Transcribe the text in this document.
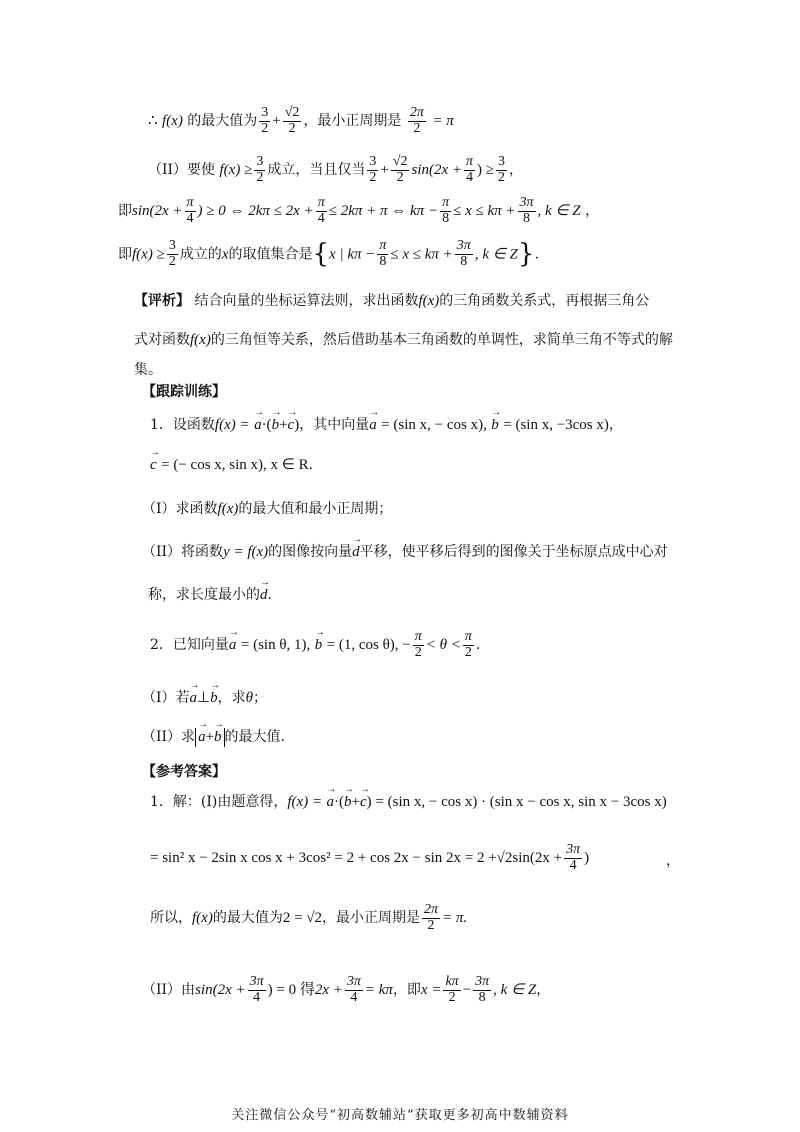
∴ f(x) 的最大值为 $\frac{3}{2} + \frac{√2}{2}$ ，最小正周期是 $\frac{2\pi}{2} = \pi$
（II）要使 $f(x) \ge \frac{3}{2}$ 成立，当且仅当 $\frac{3}{2} + \frac{√2}{2} \sin(2x + \frac{\pi}{4}$ ) ≥ $\frac{3}{2}$ ，
即$\sin(2x + \frac{\pi}{4}$ ) ≥ 0 ⇔ $2k\pi \le 2x + \frac{\pi}{4} \le 2k\pi + \pi$ ⇔ $k\pi - \frac{\pi}{8} \le x \le k\pi + \frac{3\pi}{8}$ , k ∈ Z ，
即$f(x) \ge \frac{3}{2}$ 成立的x的取值集合是{x | $k\pi - \frac{\pi}{8} \le x \le k\pi + \frac{3\pi}{8}$ , k ∈ Z}.
【评析】 结合向量的坐标运算法则，求出函数f(x)的三角函数关系式，再根据三角公
式对函数f(x)的三角恒等关系，然后借助基本三角函数的单调性，求简单三角不等式的解
集。
【跟踪训练】
1．设函数f(x) = → a·(→ b+→ c)，其中向量→ a = (sin x, − cos x), → b = (sin x, −3cos x)，
→ c = (− cos x, sin x), x ∈ R.
（I）求函数f(x)的最大值和最小正周期；
（II）将函数y = f(x)的图像按向量→ d平移，使平移后得到的图像关于坐标原点成中心对
称，求长度最小的→ d.
2．已知向量→ a = (sin θ, 1), → b = (1, cos θ), − $\frac{\pi}{2} < \theta < \frac{\pi}{2}$ .
（I）若→ a⊥→ b，求θ；
（II）求 → a+→ b 的最大值.
【参考答案】
1．解：(I)由题意得，f(x) = → a·(→ b+→ c) = (sin x, − cos x) · (sin x − cos x, sin x − 3cos x)
= sin² x − 2sin x $\cos x + 3\cos^2 = 2 + \cos 2x - \sin 2x = 2 +√2\sin(2x + \frac{3\pi}{4}$ )	，
所以，f(x)的最大值为2 = √2，最小正周期是 $\frac{2\pi}{2} = \pi$.
（II）由$\sin(2x + \frac{3\pi}{4}$ ) = 0 得$2x + \frac{3\pi}{4} = k\pi$，即$x = \frac{k\pi}{2} - \frac{3\pi}{8}$ , k ∈ Z，
关注微信公众号“初高数辅站”获取更多初高中数辅资料
